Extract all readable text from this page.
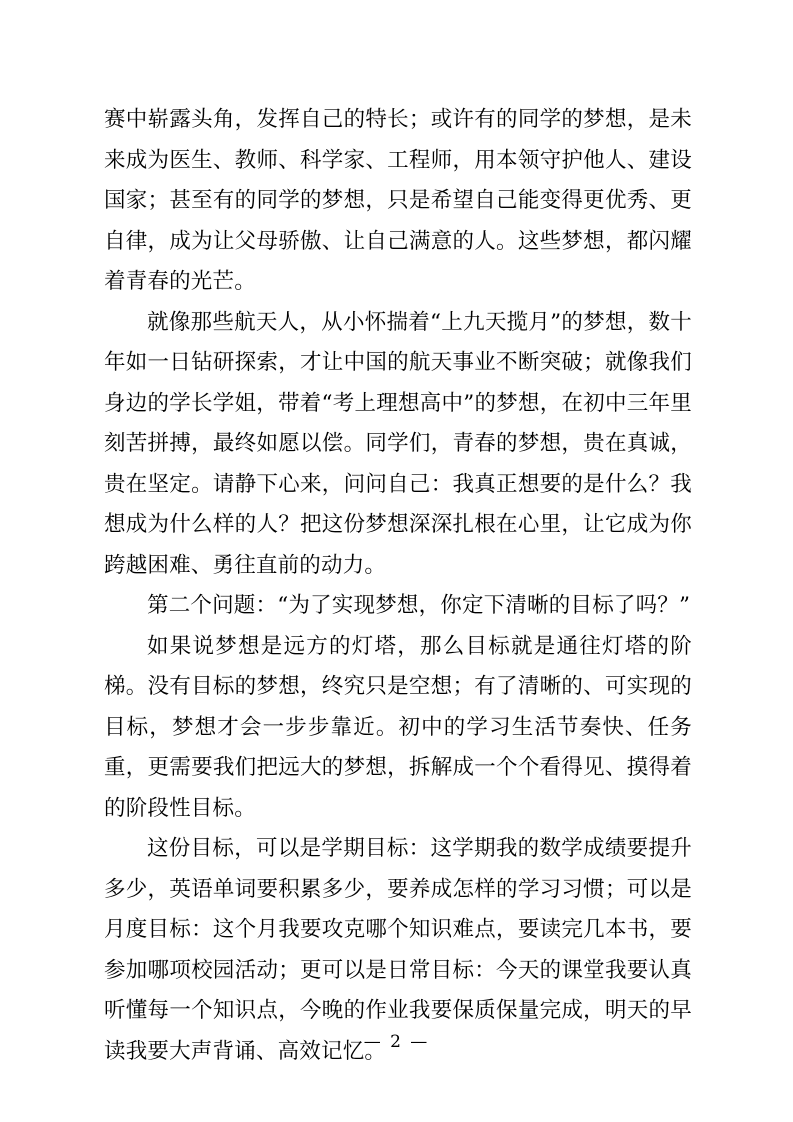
赛中崭露头角，发挥自己的特长；或许有的同学的梦想，是未来成为医生、教师、科学家、工程师，用本领守护他人、建设国家；甚至有的同学的梦想，只是希望自己能变得更优秀、更自律，成为让父母骄傲、让自己满意的人。这些梦想，都闪耀着青春的光芒。

就像那些航天人，从小怀揣着“上九天揽月”的梦想，数十年如一日钻研探索，才让中国的航天事业不断突破；就像我们身边的学长学姐，带着“考上理想高中”的梦想，在初中三年里刻苦拼搏，最终如愿以偿。同学们，青春的梦想，贵在真诚，贵在坚定。请静下心来，问问自己：我真正想要的是什么？我想成为什么样的人？把这份梦想深深扎根在心里，让它成为你跨越困难、勇往直前的动力。

第二个问题：“为了实现梦想，你定下清晰的目标了吗？”

如果说梦想是远方的灯塔，那么目标就是通往灯塔的阶梯。没有目标的梦想，终究只是空想；有了清晰的、可实现的目标，梦想才会一步步靠近。初中的学习生活节奏快、任务重，更需要我们把远大的梦想，拆解成一个个看得见、摸得着的阶段性目标。

这份目标，可以是学期目标：这学期我的数学成绩要提升多少，英语单词要积累多少，要养成怎样的学习习惯；可以是月度目标：这个月我要攻克哪个知识难点，要读完几本书，要参加哪项校园活动；更可以是日常目标：今天的课堂我要认真听懂每一个知识点，今晚的作业我要保质保量完成，明天的早读我要大声背诵、高效记忆。

— 2 —
